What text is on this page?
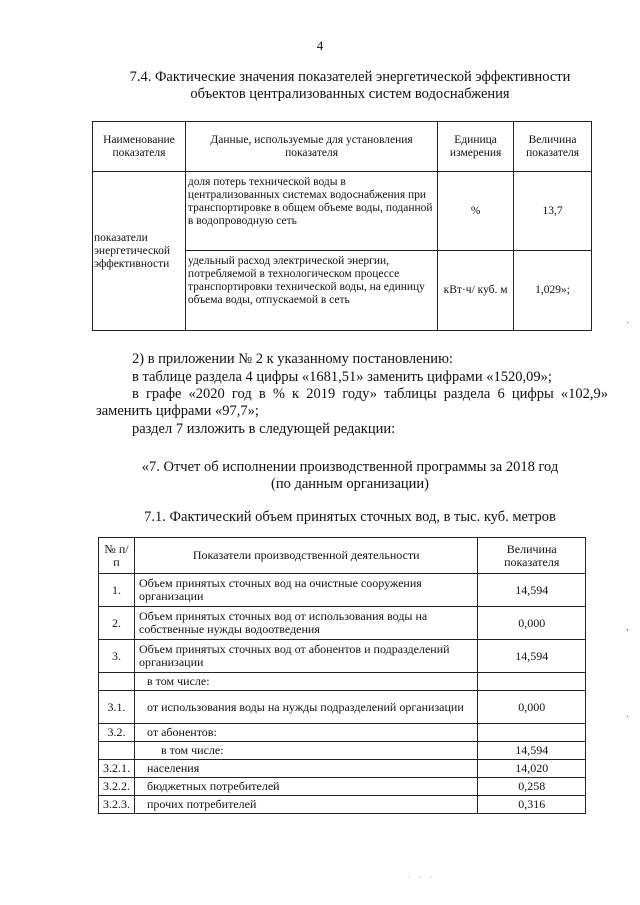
4
7.4. Фактические значения показателей энергетической эффективности
объектов централизованных систем водоснабжения
Наименование показателя	Данные, используемые для установления показателя	Единица измерения	Величина показателя
показатели энергетической эффективности	доля потерь технической воды в централизованных системах водоснабжения при транспортировке в общем объеме воды, поданной в водопроводную сеть	%	13,7
	удельный расход электрической энергии, потребляемой в технологическом процессе транспортировки технической воды, на единицу объема воды, отпускаемой в сеть	кВт·ч/ куб. м	1,029»;
2) в приложении № 2 к указанному постановлению:
в таблице раздела 4 цифры «1681,51» заменить цифрами «1520,09»;
в графе «2020 год в % к 2019 году» таблицы раздела 6 цифры «102,9»
заменить цифрами «97,7»;
раздел 7 изложить в следующей редакции:
«7. Отчет об исполнении производственной программы за 2018 год
(по данным организации)
7.1. Фактический объем принятых сточных вод, в тыс. куб. метров
№ п/п	Показатели производственной деятельности	Величина показателя
1.	Объем принятых сточных вод на очистные сооружения организации	14,594
2.	Объем принятых сточных вод от использования воды на собственные нужды водоотведения	0,000
3.	Объем принятых сточных вод от абонентов и подразделений организации	14,594
	в том числе:	
3.1.	от использования воды на нужды подразделений организации	0,000
3.2.	от абонентов:	
	в том числе:	14,594
3.2.1.	населения	14,020
3.2.2.	бюджетных потребителей	0,258
3.2.3.	прочих потребителей	0,316
·
,
·
· · ·
